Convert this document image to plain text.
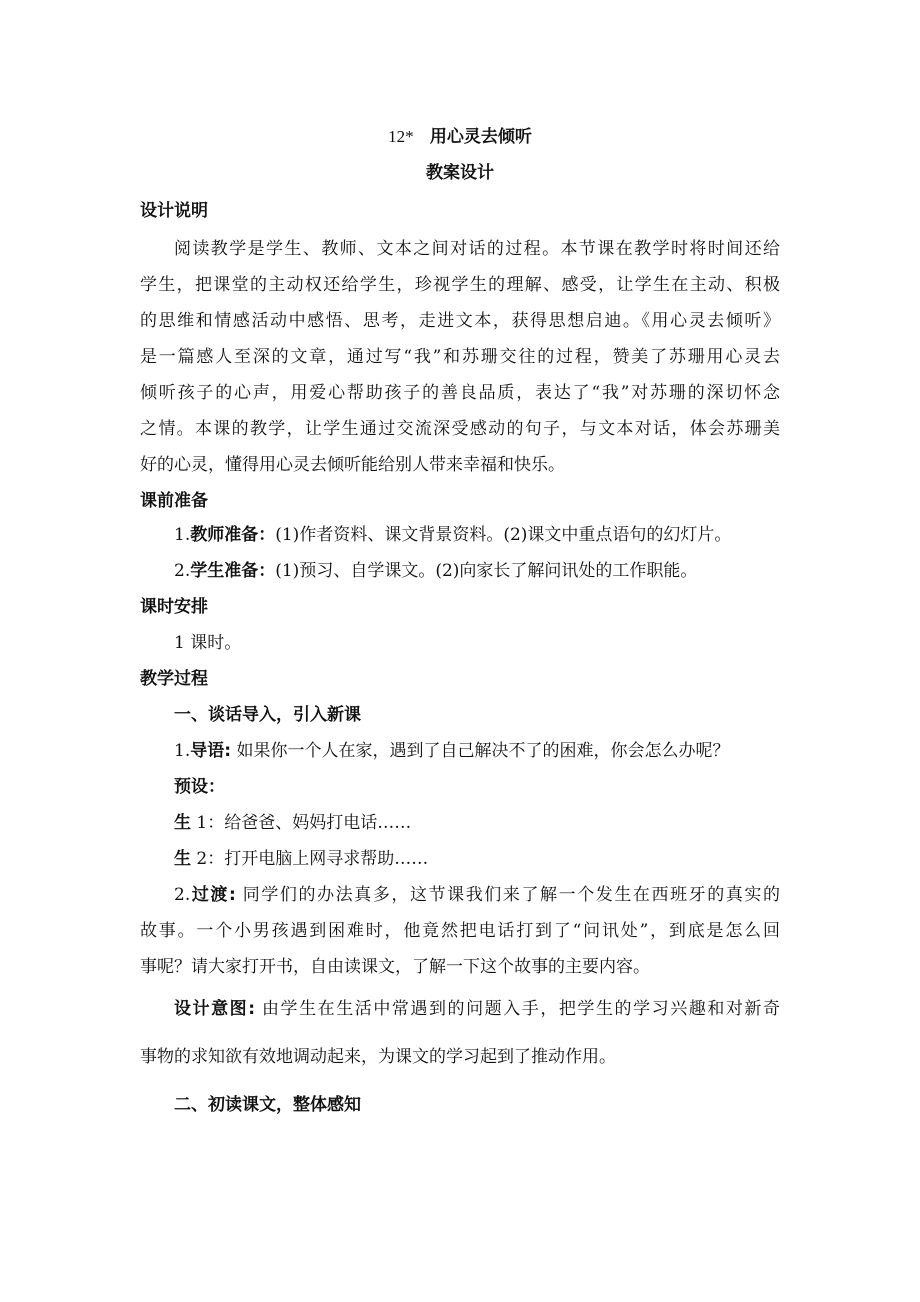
12* 用心灵去倾听
教案设计
设计说明
阅读教学是学生、教师、文本之间对话的过程。本节课在教学时将时间还给
学生，把课堂的主动权还给学生，珍视学生的理解、感受，让学生在主动、积极
的思维和情感活动中感悟、思考，走进文本，获得思想启迪。《用心灵去倾听》
是一篇感人至深的文章，通过写“我”和苏珊交往的过程，赞美了苏珊用心灵去
倾听孩子的心声，用爱心帮助孩子的善良品质，表达了“我”对苏珊的深切怀念
之情。本课的教学，让学生通过交流深受感动的句子，与文本对话，体会苏珊美
好的心灵，懂得用心灵去倾听能给别人带来幸福和快乐。
课前准备
1.教师准备：(1)作者资料、课文背景资料。(2)课文中重点语句的幻灯片。
2.学生准备：(1)预习、自学课文。(2)向家长了解问讯处的工作职能。
课时安排
1 课时。
教学过程
一、谈话导入，引入新课
1.导语: 如果你一个人在家，遇到了自己解决不了的困难，你会怎么办呢？
预设：
生 1：给爸爸、妈妈打电话……
生 2：打开电脑上网寻求帮助……
2.过渡: 同学们的办法真多，这节课我们来了解一个发生在西班牙的真实的
故事。一个小男孩遇到困难时，他竟然把电话打到了“问讯处”，到底是怎么回
事呢？请大家打开书，自由读课文，了解一下这个故事的主要内容。
设计意图: 由学生在生活中常遇到的问题入手，把学生的学习兴趣和对新奇
事物的求知欲有效地调动起来，为课文的学习起到了推动作用。
二、初读课文，整体感知
